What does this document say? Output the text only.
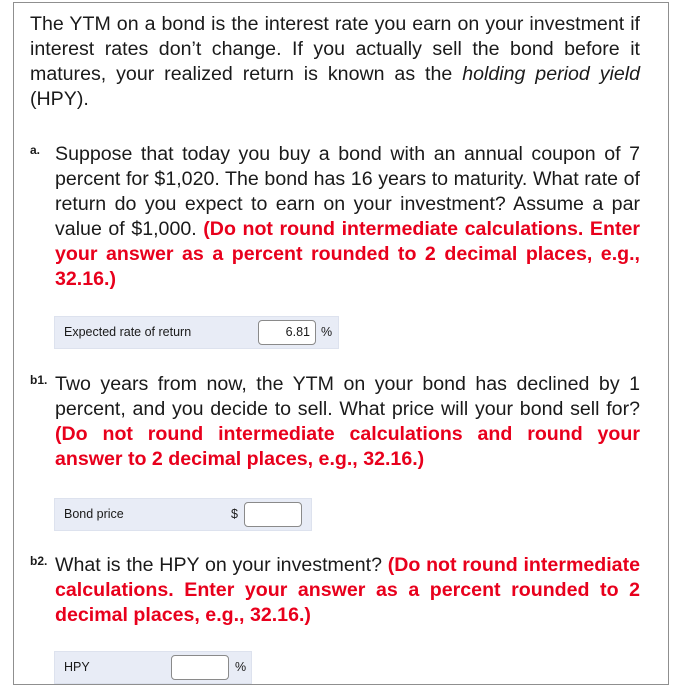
The YTM on a bond is the interest rate you earn on your investment if interest rates don’t change. If you actually sell the bond before it matures, your realized return is known as the holding period yield (HPY).
a. Suppose that today you buy a bond with an annual coupon of 7 percent for $1,020. The bond has 16 years to maturity. What rate of return do you expect to earn on your investment? Assume a par value of $1,000. (Do not round intermediate calculations. Enter your answer as a percent rounded to 2 decimal places, e.g., 32.16.)
Expected rate of return	6.81 %
b1. Two years from now, the YTM on your bond has declined by 1 percent, and you decide to sell. What price will your bond sell for? (Do not round intermediate calculations and round your answer to 2 decimal places, e.g., 32.16.)
Bond price	$
b2. What is the HPY on your investment? (Do not round intermediate calculations. Enter your answer as a percent rounded to 2 decimal places, e.g., 32.16.)
HPY	%
